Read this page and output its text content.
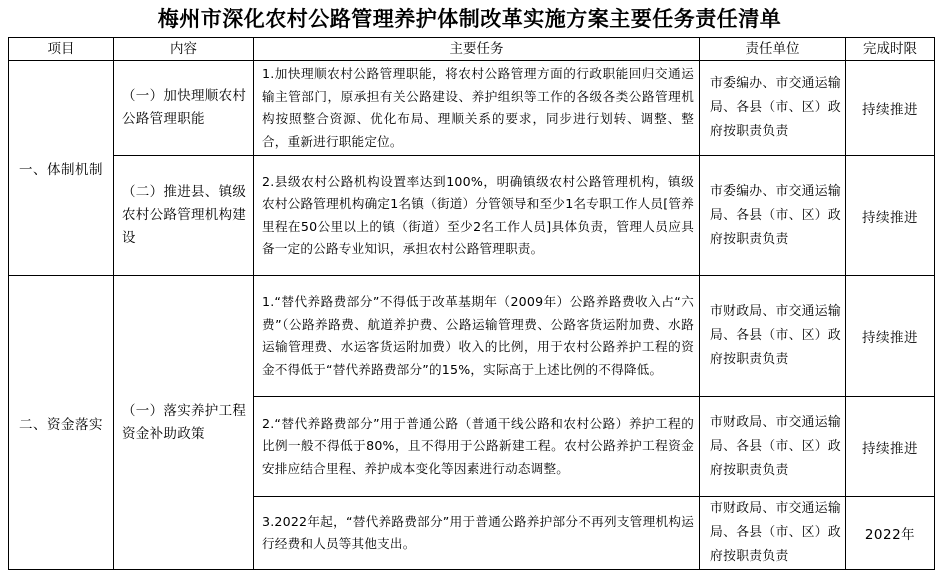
梅州市深化农村公路管理养护体制改革实施方案主要任务责任清单
项目	内容	主要任务	责任单位	完成时限
一、体制机制	（一）加快理顺农村公路管理职能	1.加快理顺农村公路管理职能，将农村公路管理方面的行政职能回归交通运输主管部门，原承担有关公路建设、养护组织等工作的各级各类公路管理机构按照整合资源、优化布局、理顺关系的要求，同步进行划转、调整、整合，重新进行职能定位。	市委编办、市交通运输局、各县（市、区）政府按职责负责	持续推进
	（二）推进县、镇级农村公路管理机构建设	2.县级农村公路机构设置率达到100%，明确镇级农村公路管理机构，镇级农村公路管理机构确定1名镇（街道）分管领导和至少1名专职工作人员[管养里程在50公里以上的镇（街道）至少2名工作人员]具体负责，管理人员应具备一定的公路专业知识，承担农村公路管理职责。	市委编办、市交通运输局、各县（市、区）政府按职责负责	持续推进
二、资金落实	（一）落实养护工程资金补助政策	1.“替代养路费部分”不得低于改革基期年（2009年）公路养路费收入占“六费”（公路养路费、航道养护费、公路运输管理费、公路客货运附加费、水路运输管理费、水运客货运附加费）收入的比例，用于农村公路养护工程的资金不得低于“替代养路费部分”的15%，实际高于上述比例的不得降低。	市财政局、市交通运输局、各县（市、区）政府按职责负责	持续推进
		2.“替代养路费部分”用于普通公路（普通干线公路和农村公路）养护工程的比例一般不得低于80%，且不得用于公路新建工程。农村公路养护工程资金安排应结合里程、养护成本变化等因素进行动态调整。	市财政局、市交通运输局、各县（市、区）政府按职责负责	持续推进
		3.2022年起，“替代养路费部分”用于普通公路养护部分不再列支管理机构运行经费和人员等其他支出。	市财政局、市交通运输局、各县（市、区）政府按职责负责	2022年
